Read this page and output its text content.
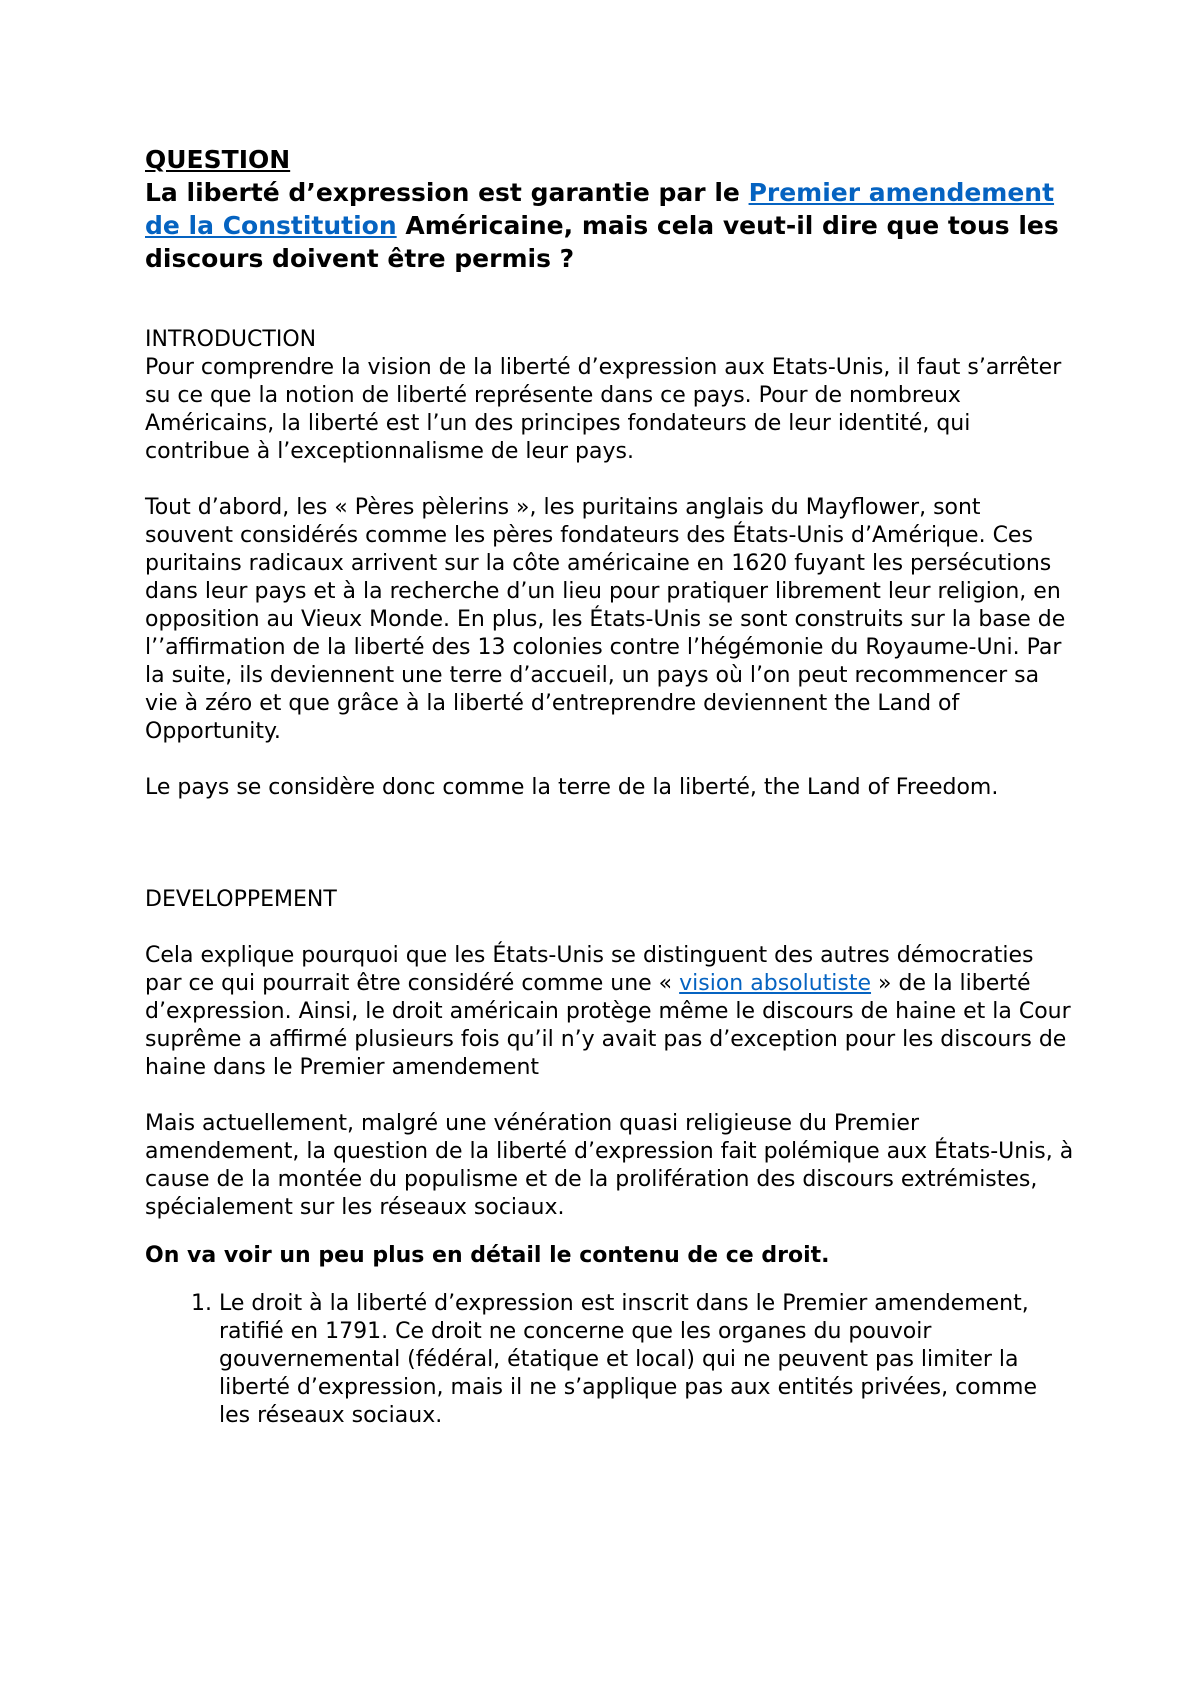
QUESTION

La liberté d’expression est garantie par le Premier amendement de la Constitution Américaine, mais cela veut-il dire que tous les discours doivent être permis ?

INTRODUCTION

Pour comprendre la vision de la liberté d’expression aux Etats-Unis, il faut s’arrêter su ce que la notion de liberté représente dans ce pays. Pour de nombreux Américains, la liberté est l’un des principes fondateurs de leur identité, qui contribue à l’exceptionnalisme de leur pays.

Tout d’abord, les « Pères pèlerins », les puritains anglais du Mayflower, sont souvent considérés comme les pères fondateurs des États-Unis d’Amérique. Ces puritains radicaux arrivent sur la côte américaine en 1620 fuyant les persécutions dans leur pays et à la recherche d’un lieu pour pratiquer librement leur religion, en opposition au Vieux Monde. En plus, les États-Unis se sont construits sur la base de l’’affirmation de la liberté des 13 colonies contre l’hégémonie du Royaume-Uni. Par la suite, ils deviennent une terre d’accueil, un pays où l’on peut recommencer sa vie à zéro et que grâce à la liberté d’entreprendre deviennent the Land of Opportunity.

Le pays se considère donc comme la terre de la liberté, the Land of Freedom.

DEVELOPPEMENT

Cela explique pourquoi que les États-Unis se distinguent des autres démocraties par ce qui pourrait être considéré comme une « vision absolutiste » de la liberté d’expression. Ainsi, le droit américain protège même le discours de haine et la Cour suprême a affirmé plusieurs fois qu’il n’y avait pas d’exception pour les discours de haine dans le Premier amendement

Mais actuellement, malgré une vénération quasi religieuse du Premier amendement, la question de la liberté d’expression fait polémique aux États-Unis, à cause de la montée du populisme et de la prolifération des discours extrémistes, spécialement sur les réseaux sociaux.

On va voir un peu plus en détail le contenu de ce droit.

1. Le droit à la liberté d’expression est inscrit dans le Premier amendement, ratifié en 1791. Ce droit ne concerne que les organes du pouvoir gouvernemental (fédéral, étatique et local) qui ne peuvent pas limiter la liberté d’expression, mais il ne s’applique pas aux entités privées, comme les réseaux sociaux.
